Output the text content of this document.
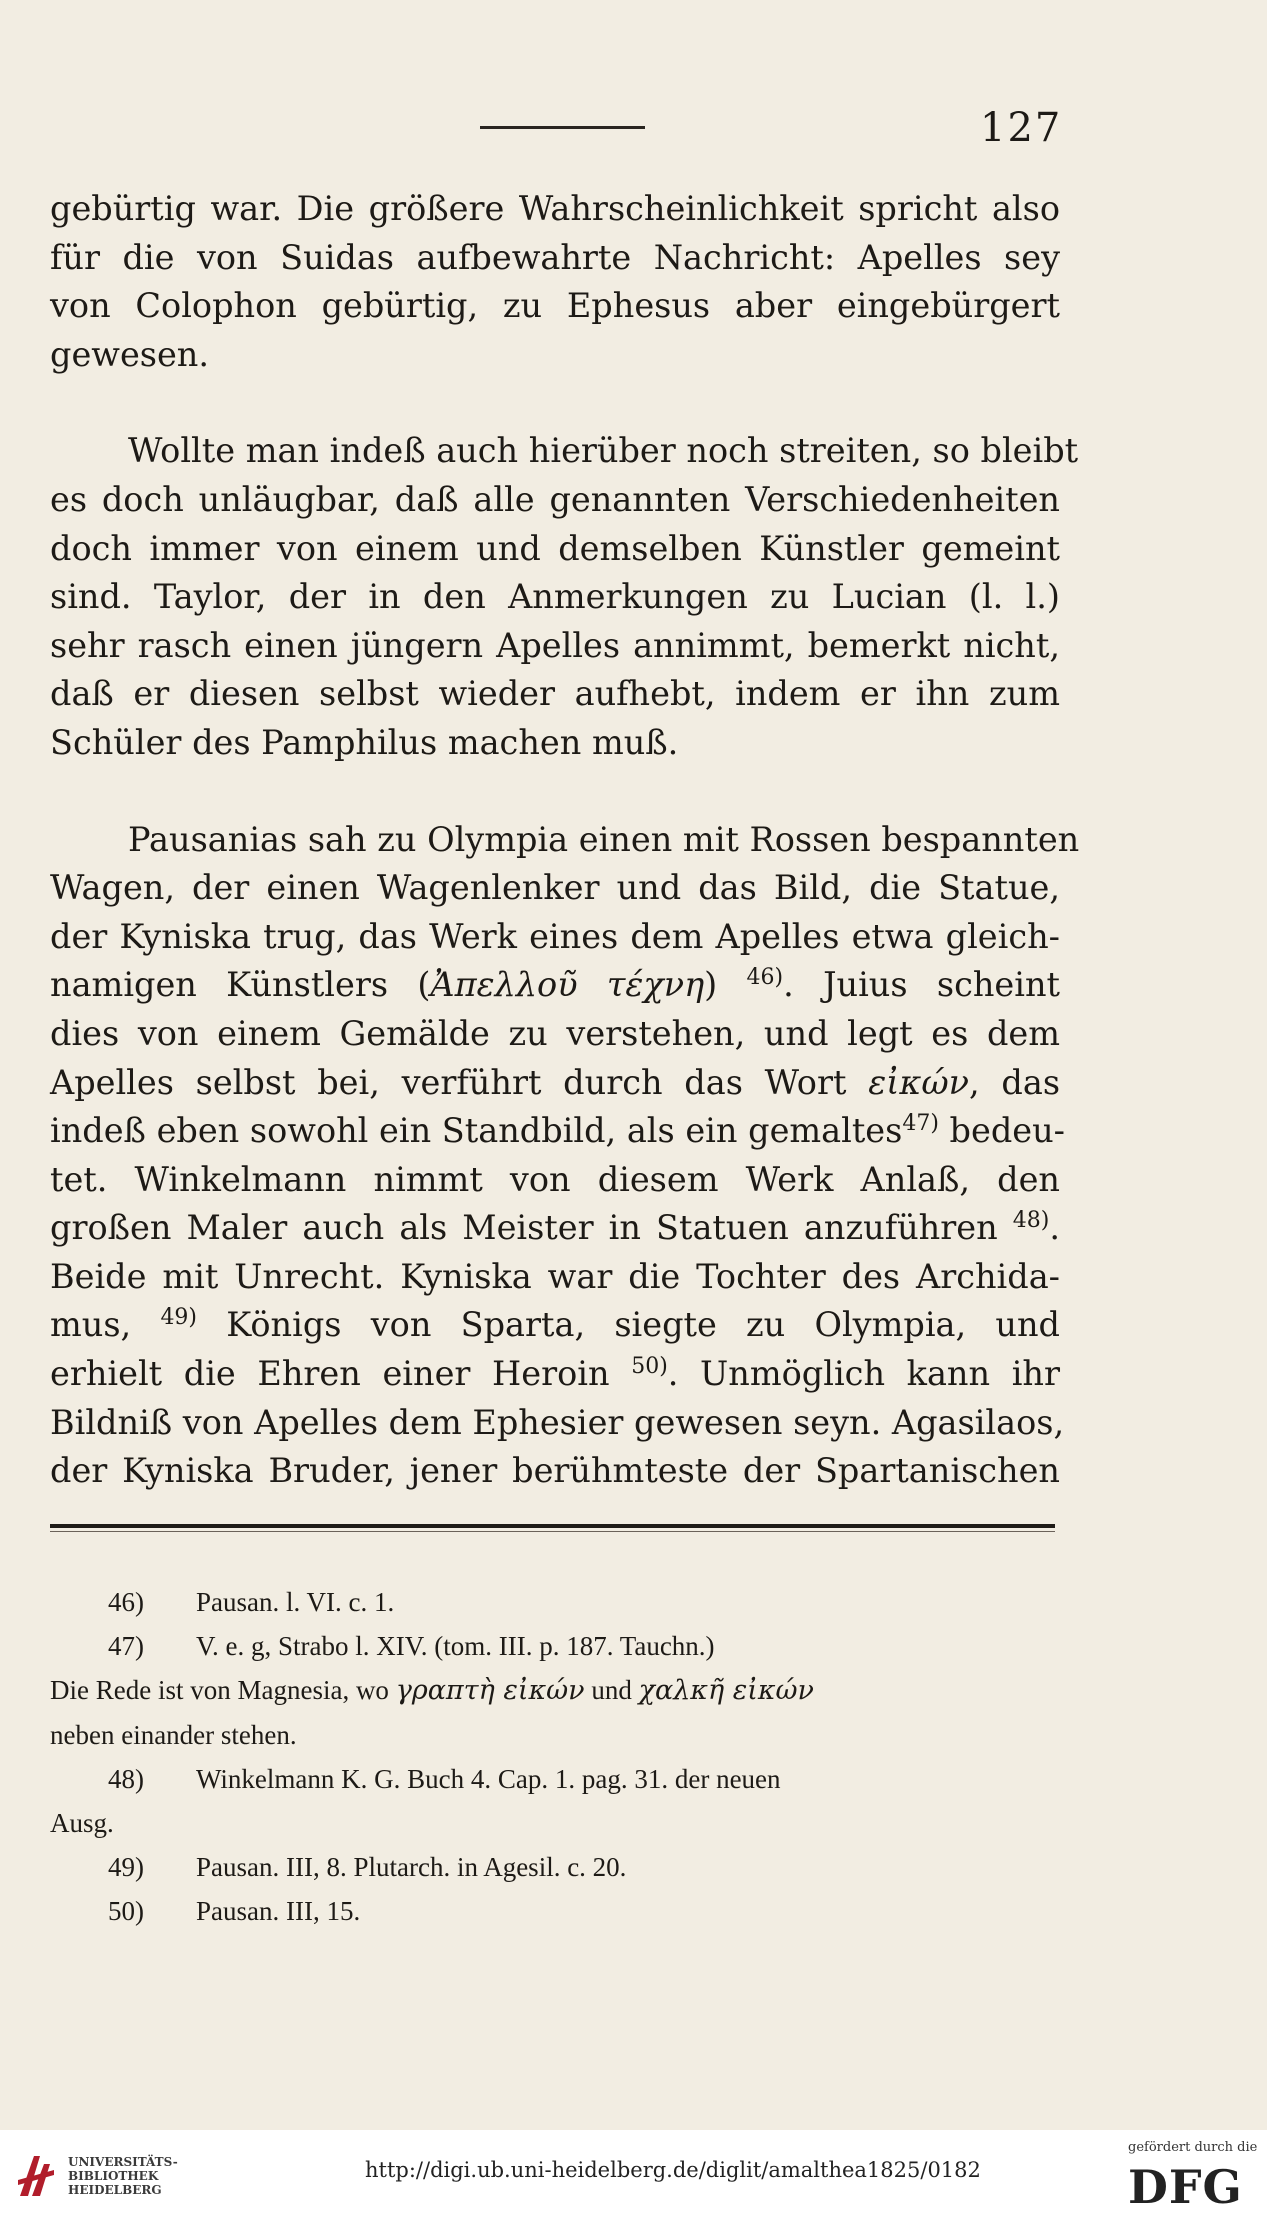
127

gebürtig war. Die größere Wahrscheinlichkeit spricht also
für die von Suidas aufbewahrte Nachricht: Apelles sey
von Colophon gebürtig, zu Ephesus aber eingebürgert
gewesen.

Wollte man indeß auch hierüber noch streiten, so bleibt
es doch unläugbar, daß alle genannten Verschiedenheiten
doch immer von einem und demselben Künstler gemeint
sind. Taylor, der in den Anmerkungen zu Lucian (l. l.)
sehr rasch einen jüngern Apelles annimmt, bemerkt nicht,
daß er diesen selbst wieder aufhebt, indem er ihn zum
Schüler des Pamphilus machen muß.

Pausanias sah zu Olympia einen mit Rossen bespannten
Wagen, der einen Wagenlenker und das Bild, die Statue,
der Kyniska trug, das Werk eines dem Apelles etwa gleich-
namigen Künstlers (Ἀπελλοῦ τέχνη) $^{46)}$. Juius scheint
dies von einem Gemälde zu verstehen, und legt es dem
Apelles selbst bei, verführt durch das Wort εἰκών, das
indeß eben sowohl ein Standbild, als ein gemaltes$^{47)}$ bedeu-
tet. Winkelmann nimmt von diesem Werk Anlaß, den
großen Maler auch als Meister in Statuen anzuführen $^{48)}$.
Beide mit Unrecht. Kyniska war die Tochter des Archida-
mus, $^{49)}$ Königs von Sparta, siegte zu Olympia, und
erhielt die Ehren einer Heroin $^{50)}$. Unmöglich kann ihr
Bildniß von Apelles dem Ephesier gewesen seyn. Agasilaos,
der Kyniska Bruder, jener berühmteste der Spartanischen

46) Pausan. l. VI. c. 1.
47) V. e. g, Strabo l. XIV. (tom. III. p. 187. Tauchn.)
Die Rede ist von Magnesia, wo γραπτὴ εἰκών und χαλκῆ εἰκών
neben einander stehen.
48) Winkelmann K. G. Buch 4. Cap. 1. pag. 31. der neuen
Ausg.
49) Pausan. III, 8. Plutarch. in Agesil. c. 20.
50) Pausan. III, 15.
UNIVERSITÄTS-
BIBLIOTHEK
HEIDELBERG
http://digi.ub.uni-heidelberg.de/diglit/amalthea1825/0182
gefördert durch die
DFG
